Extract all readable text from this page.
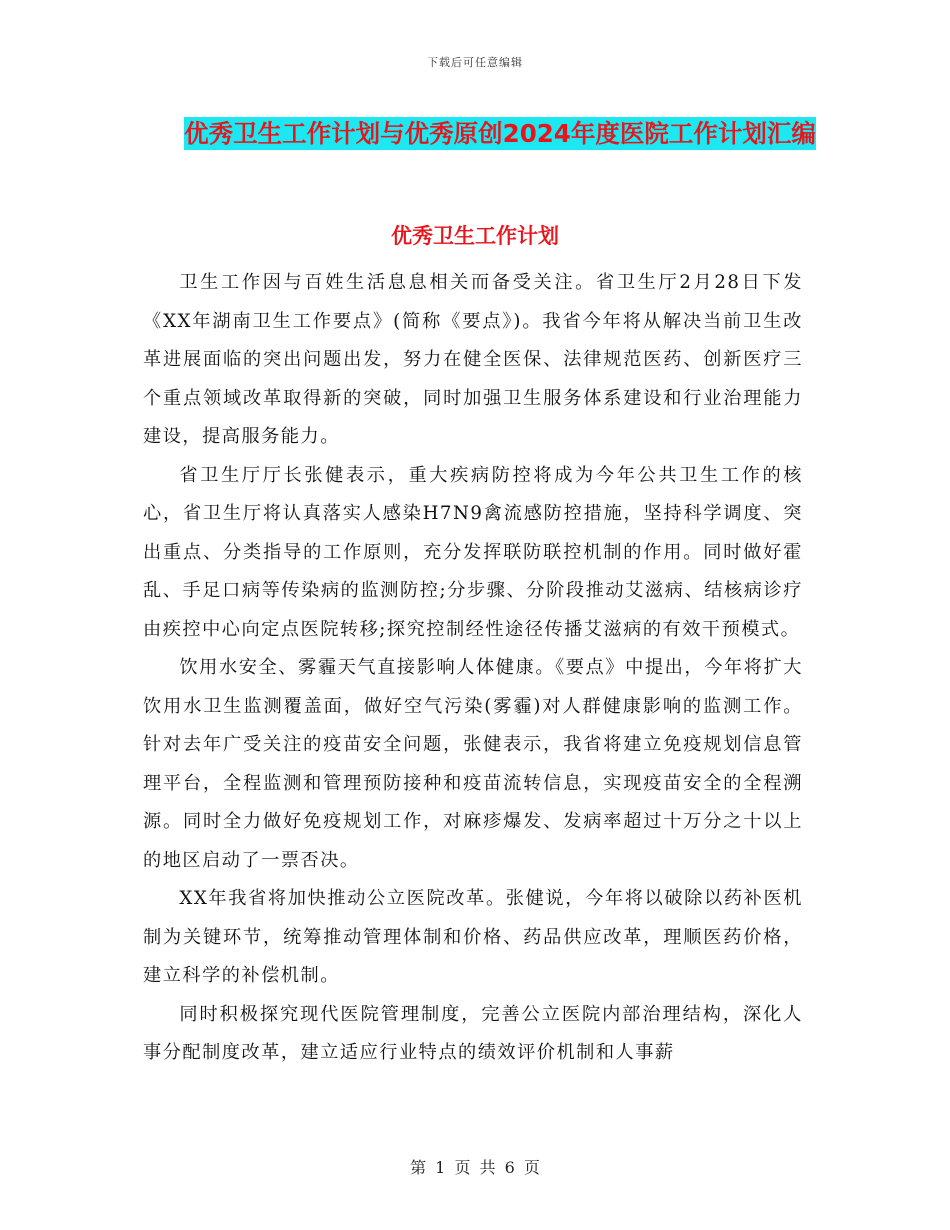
下载后可任意编辑
优秀卫生工作计划与优秀原创2024年度医院工作计划汇编
优秀卫生工作计划

卫生工作因与百姓生活息息相关而备受关注。省卫生厅2月28日下发《XX年湖南卫生工作要点》(简称《要点》)。我省今年将从解决当前卫生改革进展面临的突出问题出发，努力在健全医保、法律规范医药、创新医疗三个重点领域改革取得新的突破，同时加强卫生服务体系建设和行业治理能力建设，提高服务能力。

省卫生厅厅长张健表示，重大疾病防控将成为今年公共卫生工作的核心，省卫生厅将认真落实人感染H7N9禽流感防控措施，坚持科学调度、突出重点、分类指导的工作原则，充分发挥联防联控机制的作用。同时做好霍乱、手足口病等传染病的监测防控;分步骤、分阶段推动艾滋病、结核病诊疗由疾控中心向定点医院转移;探究控制经性途径传播艾滋病的有效干预模式。

饮用水安全、雾霾天气直接影响人体健康。《要点》中提出，今年将扩大饮用水卫生监测覆盖面，做好空气污染(雾霾)对人群健康影响的监测工作。针对去年广受关注的疫苗安全问题，张健表示，我省将建立免疫规划信息管理平台，全程监测和管理预防接种和疫苗流转信息，实现疫苗安全的全程溯源。同时全力做好免疫规划工作，对麻疹爆发、发病率超过十万分之十以上的地区启动了一票否决。

XX年我省将加快推动公立医院改革。张健说，今年将以破除以药补医机制为关键环节，统筹推动管理体制和价格、药品供应改革，理顺医药价格，建立科学的补偿机制。

同时积极探究现代医院管理制度，完善公立医院内部治理结构，深化人事分配制度改革，建立适应行业特点的绩效评价机制和人事薪

第 1 页 共 6 页
